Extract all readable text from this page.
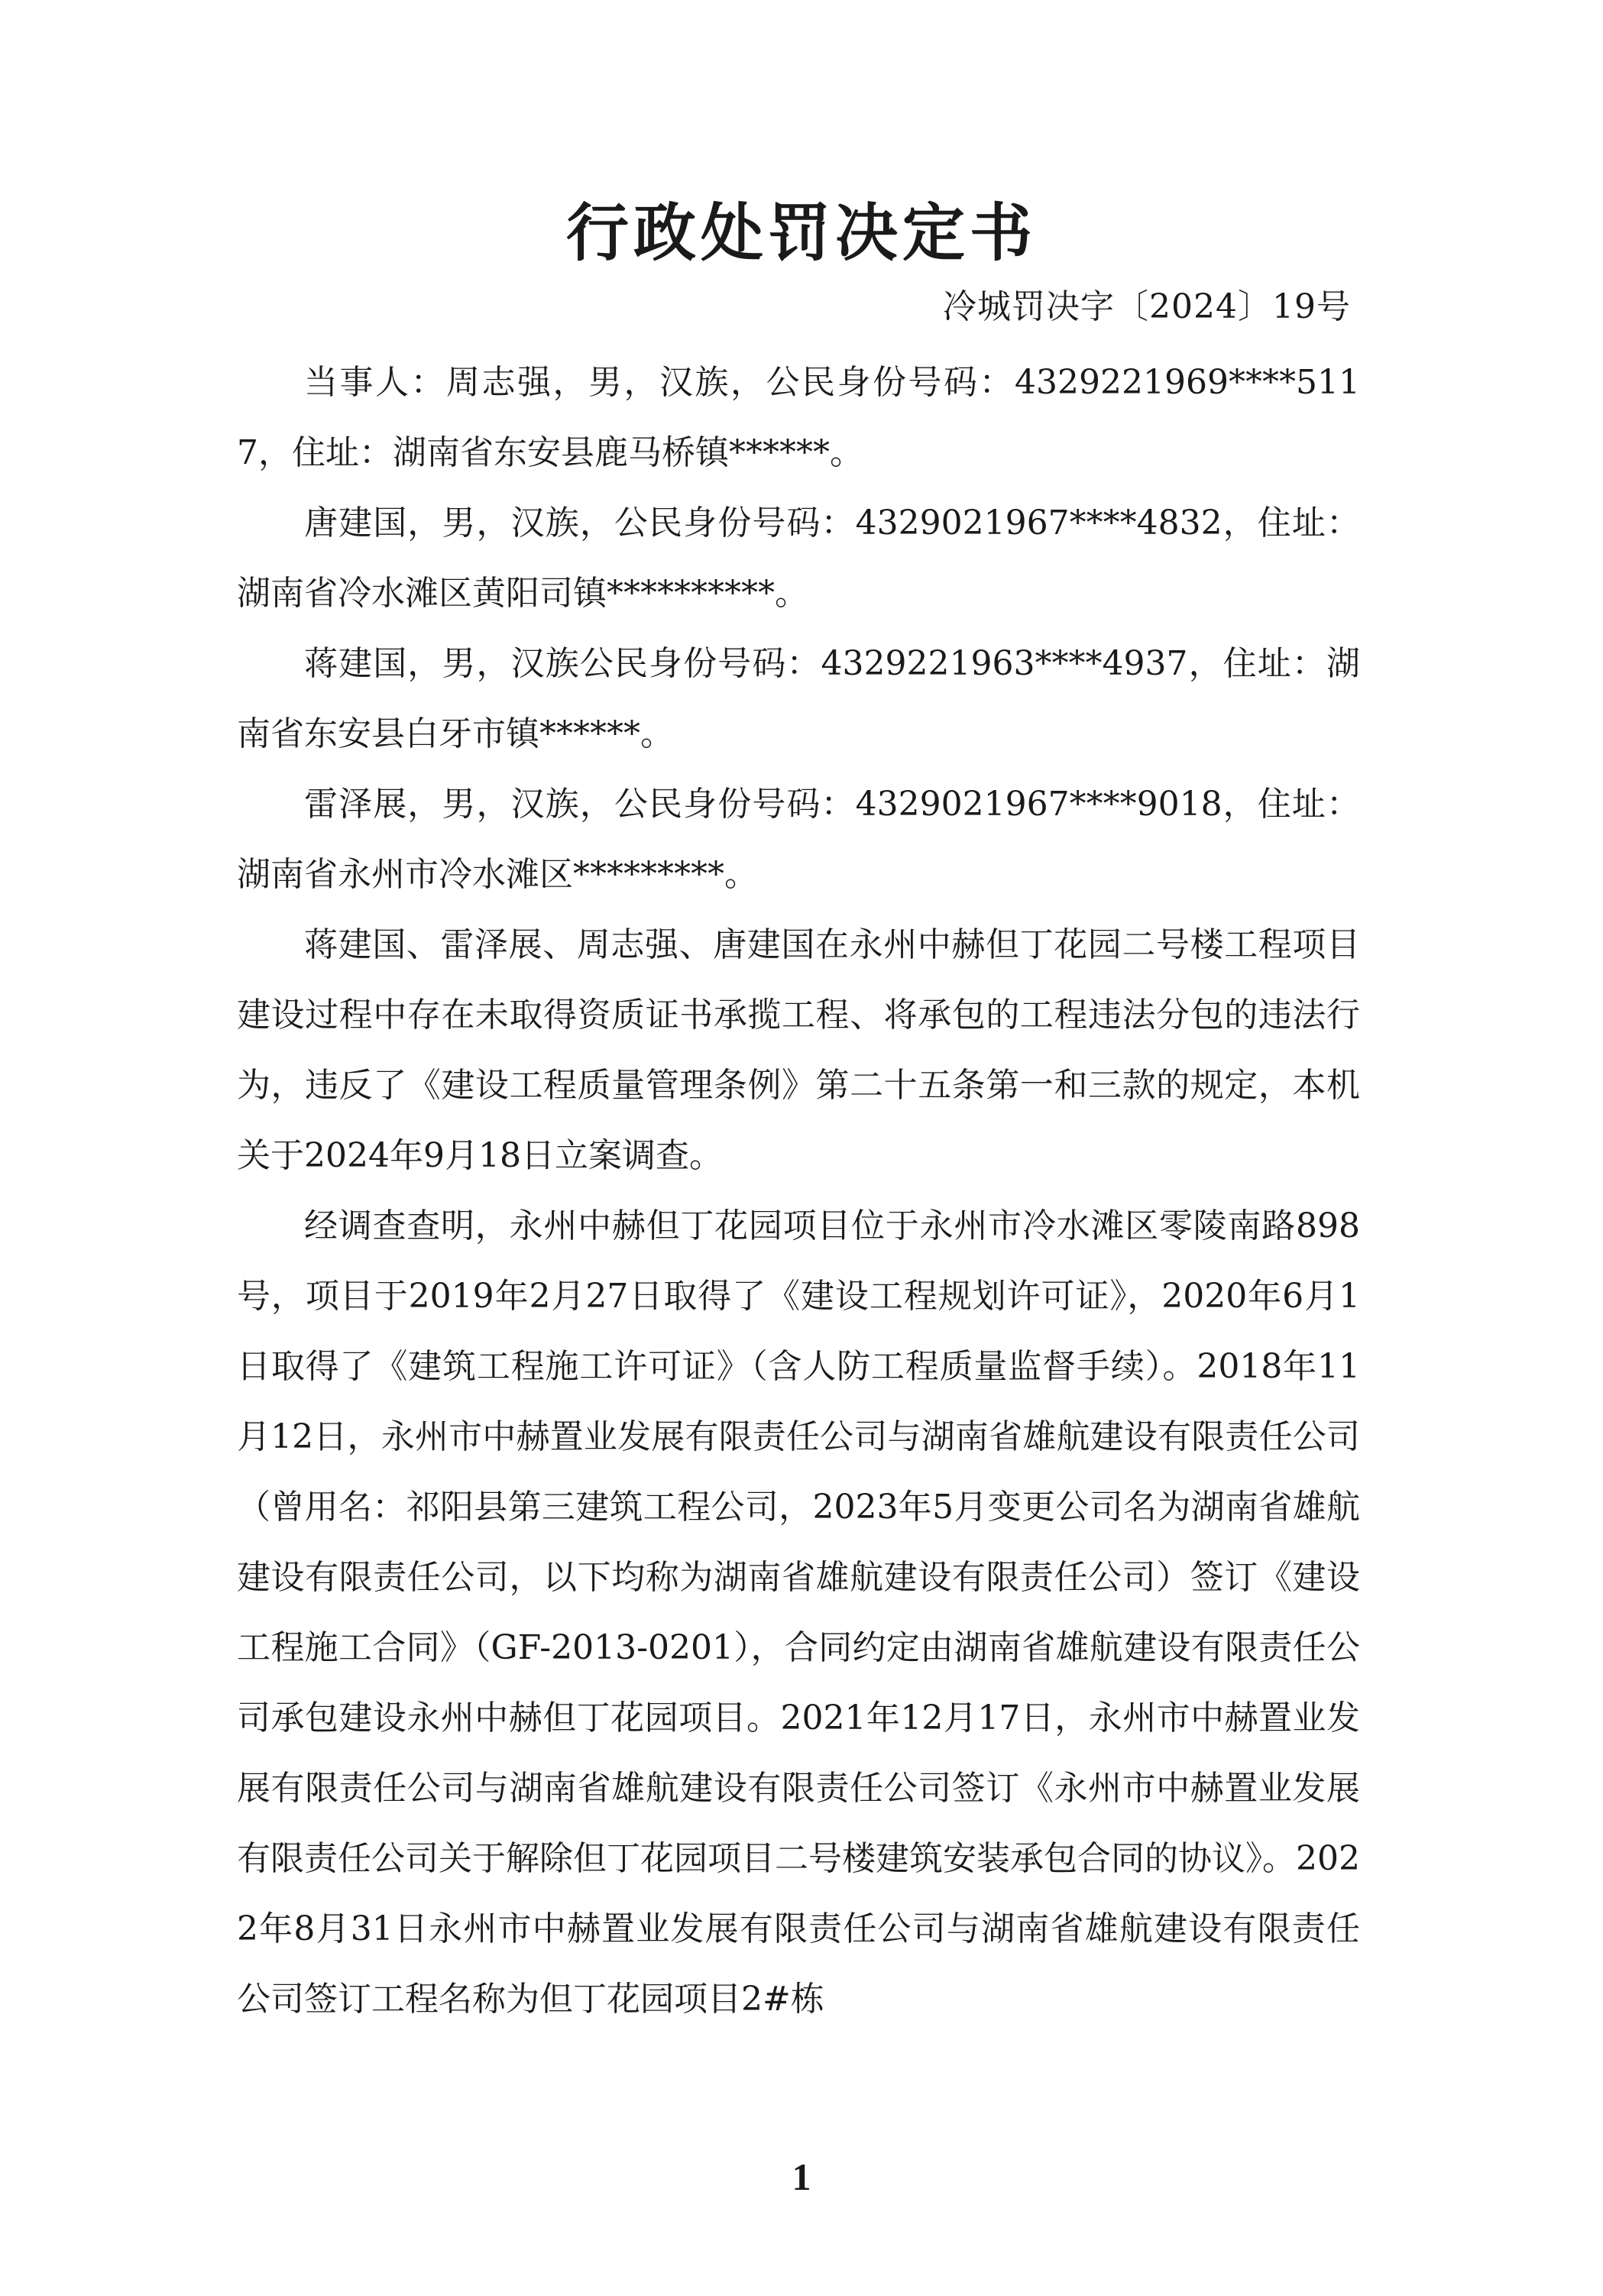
行政处罚决定书
冷城罚决字〔2024〕19号

当事人：周志强，男，汉族，公民身份号码：4329221969****5117，住址：湖南省东安县鹿马桥镇******。

唐建国，男，汉族，公民身份号码：4329021967****4832，住址：湖南省冷水滩区黄阳司镇**********。

蒋建国，男，汉族公民身份号码：4329221963****4937，住址：湖南省东安县白牙市镇******。

雷泽展，男，汉族，公民身份号码：4329021967****9018，住址：湖南省永州市冷水滩区*********。

蒋建国、雷泽展、周志强、唐建国在永州中赫但丁花园二号楼工程项目建设过程中存在未取得资质证书承揽工程、将承包的工程违法分包的违法行为，违反了《建设工程质量管理条例》第二十五条第一和三款的规定，本机关于2024年9月18日立案调查。

经调查查明，永州中赫但丁花园项目位于永州市冷水滩区零陵南路898号，项目于2019年2月27日取得了《建设工程规划许可证》，2020年6月1日取得了《建筑工程施工许可证》（含人防工程质量监督手续）。2018年11月12日，永州市中赫置业发展有限责任公司与湖南省雄航建设有限责任公司（曾用名：祁阳县第三建筑工程公司，2023年5月变更公司名为湖南省雄航建设有限责任公司，以下均称为湖南省雄航建设有限责任公司）签订《建设工程施工合同》（GF-2013-0201），合同约定由湖南省雄航建设有限责任公司承包建设永州中赫但丁花园项目。2021年12月17日，永州市中赫置业发展有限责任公司与湖南省雄航建设有限责任公司签订《永州市中赫置业发展有限责任公司关于解除但丁花园项目二号楼建筑安装承包合同的协议》。2022年8月31日永州市中赫置业发展有限责任公司与湖南省雄航建设有限责任公司签订工程名称为但丁花园项目2#栋

1
